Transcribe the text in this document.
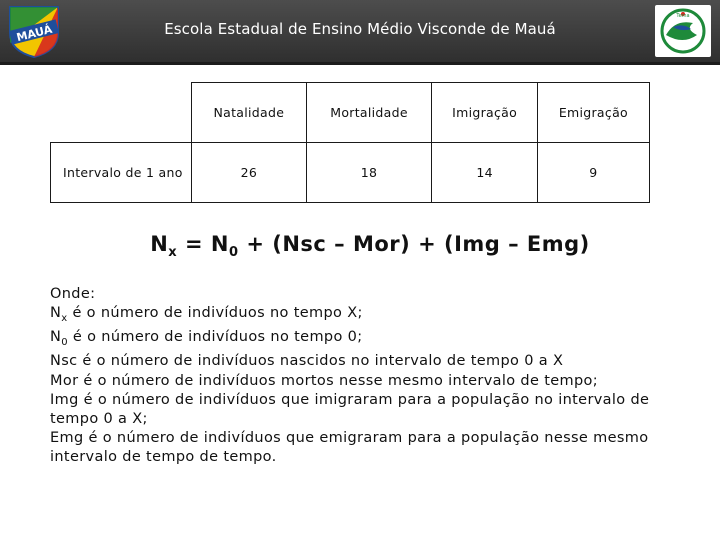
MAUÁ	Escola Estadual de Ensino Médio Visconde de Mauá
Tema
	Natalidade	Mortalidade	Imigração	Emigração
Intervalo de 1 ano	26	18	14	9
$N_x = N_0 + (Nsc - Mor) + (Img - Emg)$

Onde:

$N_x$ é o número de indivíduos no tempo X;

$N_0$ é o número de indivíduos no tempo 0;

Nsc é o número de indivíduos nascidos no intervalo de tempo 0 a X

Mor é o número de indivíduos mortos nesse mesmo intervalo de tempo;

Img é o número de indivíduos que imigraram para a população no intervalo de tempo 0 a X;

Emg é o número de indivíduos que emigraram para a população nesse mesmo intervalo de tempo de tempo.
